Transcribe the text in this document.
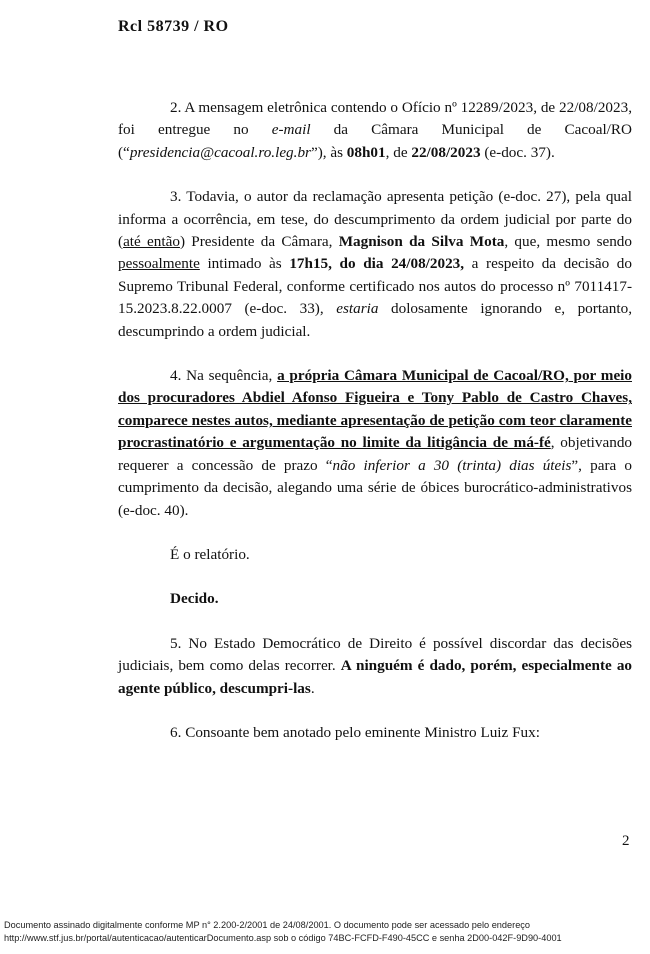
Rcl 58739 / RO

2. A mensagem eletrônica contendo o Ofício nº 12289/2023, de 22/08/2023, foi entregue no e-mail da Câmara Municipal de Cacoal/RO (“presidencia@cacoal.ro.leg.br”), às 08h01, de 22/08/2023 (e-doc. 37).

3. Todavia, o autor da reclamação apresenta petição (e-doc. 27), pela qual informa a ocorrência, em tese, do descumprimento da ordem judicial por parte do (até então) Presidente da Câmara, Magnison da Silva Mota, que, mesmo sendo pessoalmente intimado às 17h15, do dia 24/08/2023, a respeito da decisão do Supremo Tribunal Federal, conforme certificado nos autos do processo nº 7011417-15.2023.8.22.0007 (e-doc. 33), estaria dolosamente ignorando e, portanto, descumprindo a ordem judicial.

4. Na sequência, a própria Câmara Municipal de Cacoal/RO, por meio dos procuradores Abdiel Afonso Figueira e Tony Pablo de Castro Chaves, comparece nestes autos, mediante apresentação de petição com teor claramente procrastinatório e argumentação no limite da litigância de má-fé, objetivando requerer a concessão de prazo “não inferior a 30 (trinta) dias úteis”, para o cumprimento da decisão, alegando uma série de óbices burocrático-administrativos (e-doc. 40).

É o relatório.

Decido.

5. No Estado Democrático de Direito é possível discordar das decisões judiciais, bem como delas recorrer. A ninguém é dado, porém, especialmente ao agente público, descumpri-las.

6. Consoante bem anotado pelo eminente Ministro Luiz Fux:

2
Documento assinado digitalmente conforme MP n° 2.200-2/2001 de 24/08/2001. O documento pode ser acessado pelo endereço
http://www.stf.jus.br/portal/autenticacao/autenticarDocumento.asp sob o código 74BC-FCFD-F490-45CC e senha 2D00-042F-9D90-4001
